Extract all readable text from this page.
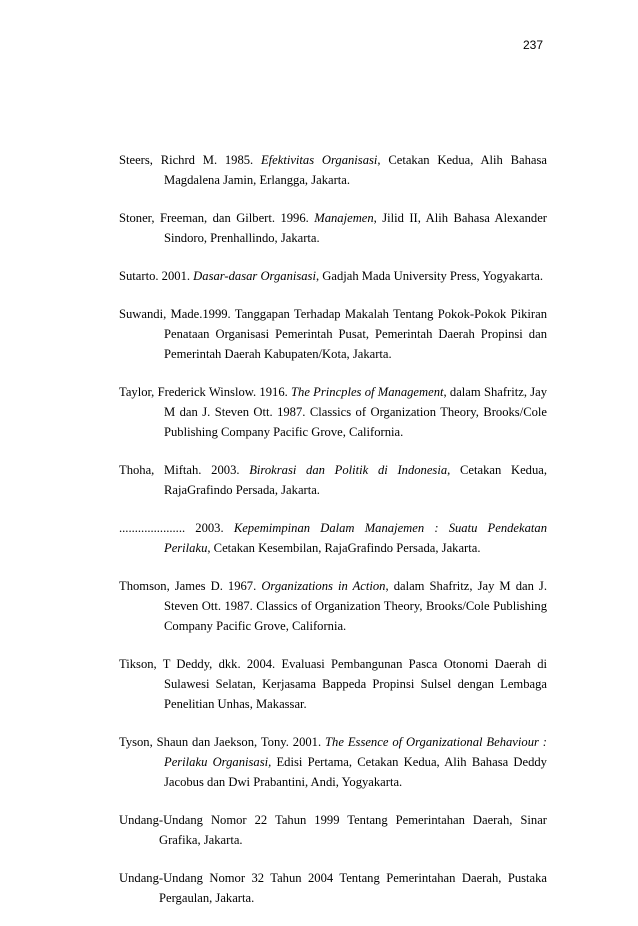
237
Steers, Richrd M. 1985. Efektivitas Organisasi, Cetakan Kedua, Alih Bahasa Magdalena Jamin, Erlangga, Jakarta.
Stoner, Freeman, dan Gilbert. 1996. Manajemen, Jilid II, Alih Bahasa Alexander Sindoro, Prenhallindo, Jakarta.
Sutarto. 2001. Dasar-dasar Organisasi, Gadjah Mada University Press, Yogyakarta.
Suwandi, Made.1999. Tanggapan Terhadap Makalah Tentang Pokok-Pokok Pikiran Penataan Organisasi Pemerintah Pusat, Pemerintah Daerah Propinsi dan Pemerintah Daerah Kabupaten/Kota, Jakarta.
Taylor, Frederick Winslow. 1916. The Princples of Management, dalam Shafritz, Jay M dan J. Steven Ott. 1987. Classics of Organization Theory, Brooks/Cole Publishing Company Pacific Grove, California.
Thoha, Miftah. 2003. Birokrasi dan Politik di Indonesia, Cetakan Kedua, RajaGrafindo Persada, Jakarta.
..................... 2003. Kepemimpinan Dalam Manajemen : Suatu Pendekatan Perilaku, Cetakan Kesembilan, RajaGrafindo Persada, Jakarta.
Thomson, James D. 1967. Organizations in Action, dalam Shafritz, Jay M dan J. Steven Ott. 1987. Classics of Organization Theory, Brooks/Cole Publishing Company Pacific Grove, California.
Tikson, T Deddy, dkk. 2004. Evaluasi Pembangunan Pasca Otonomi Daerah di Sulawesi Selatan, Kerjasama Bappeda Propinsi Sulsel dengan Lembaga Penelitian Unhas, Makassar.
Tyson, Shaun dan Jaekson, Tony. 2001. The Essence of Organizational Behaviour : Perilaku Organisasi, Edisi Pertama, Cetakan Kedua, Alih Bahasa Deddy Jacobus dan Dwi Prabantini, Andi, Yogyakarta.
Undang-Undang Nomor 22 Tahun 1999 Tentang Pemerintahan Daerah, Sinar Grafika, Jakarta.
Undang-Undang Nomor 32 Tahun 2004 Tentang Pemerintahan Daerah, Pustaka Pergaulan, Jakarta.
